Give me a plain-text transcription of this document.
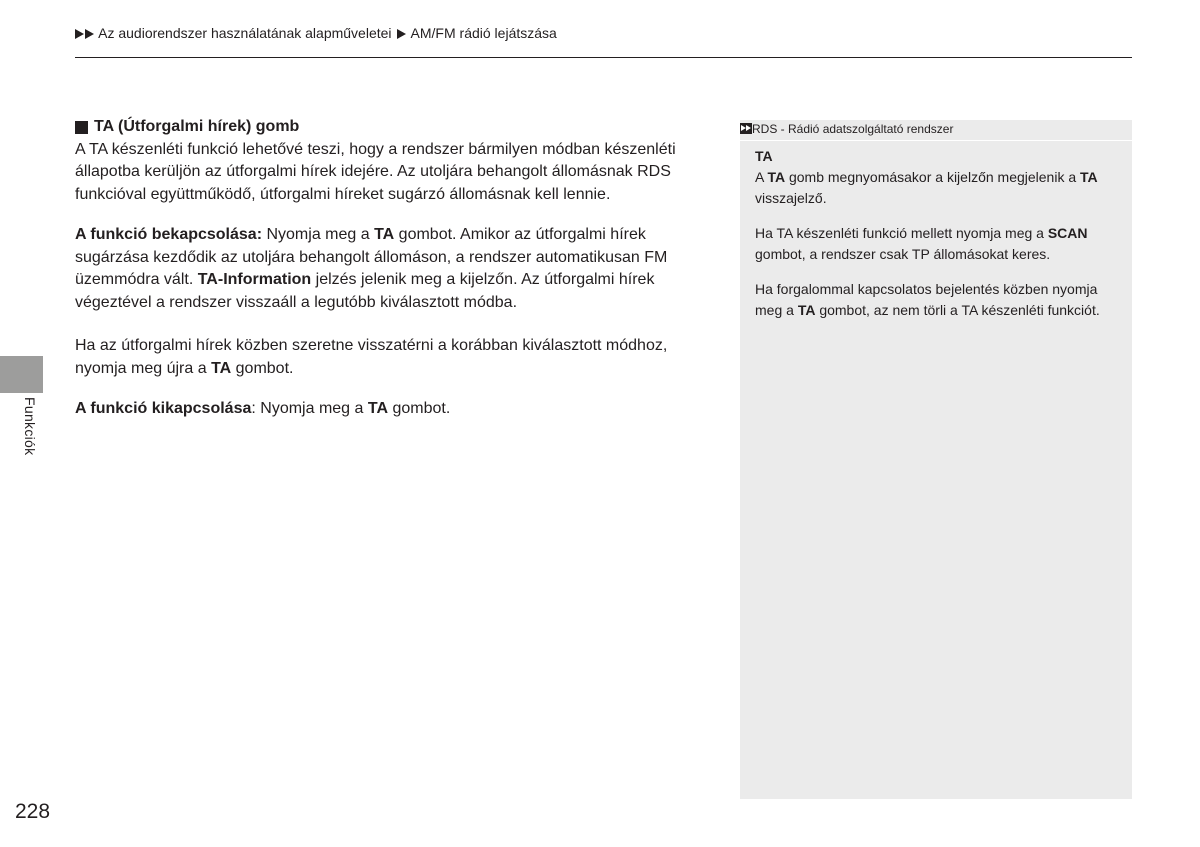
Az audiorendszer használatának alapműveletei AM/FM rádió lejátszása

TA (Útforgalmi hírek) gomb

A TA készenléti funkció lehetővé teszi, hogy a rendszer bármilyen módban készenléti állapotba kerüljön az útforgalmi hírek idejére. Az utoljára behangolt állomásnak RDS funkcióval együttműködő, útforgalmi híreket sugárzó állomásnak kell lennie.

A funkció bekapcsolása: Nyomja meg a TA gombot. Amikor az útforgalmi hírek sugárzása kezdődik az utoljára behangolt állomáson, a rendszer automatikusan FM üzemmódra vált. TA-Information jelzés jelenik meg a kijelzőn. Az útforgalmi hírek végeztével a rendszer visszaáll a legutóbb kiválasztott módba.

Ha az útforgalmi hírek közben szeretne visszatérni a korábban kiválasztott módhoz, nyomja meg újra a TA gombot.

A funkció kikapcsolása: Nyomja meg a TA gombot.

RDS - Rádió adatszolgáltató rendszer

TA

A TA gomb megnyomásakor a kijelzőn megjelenik a TA visszajelző.

Ha TA készenléti funkció mellett nyomja meg a SCAN gombot, a rendszer csak TP állomásokat keres.

Ha forgalommal kapcsolatos bejelentés közben nyomja meg a TA gombot, az nem törli a TA készenléti funkciót.

Funkciók
228
